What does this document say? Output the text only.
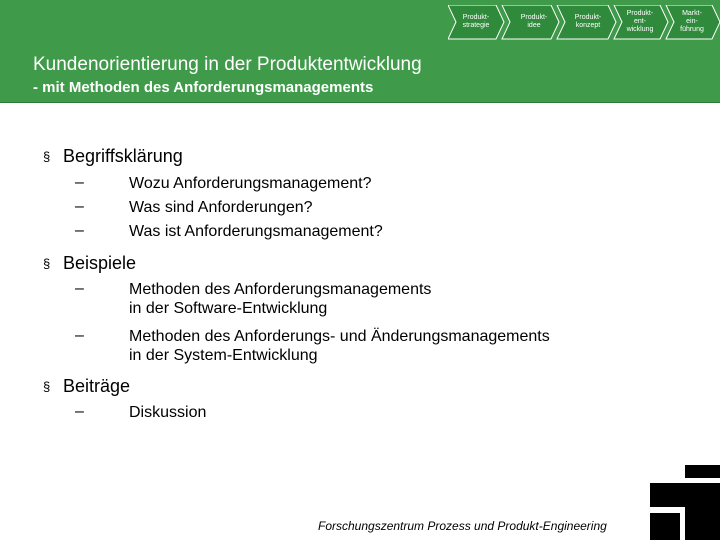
Produkt-
strategie
Produkt-
idee
Produkt-
konzept
Produkt-
ent-
wicklung
Markt-
ein-
führung
Kundenorientierung in der Produktentwicklung
- mit Methoden des Anforderungsmanagements
§ Begriffsklärung
–	Wozu Anforderungsmanagement?
–	Was sind Anforderungen?
–	Was ist Anforderungsmanagement?
§ Beispiele
–	Methoden des Anforderungsmanagements
in der Software-Entwicklung
–	Methoden des Anforderungs- und Änderungsmanagements
in der System-Entwicklung
§ Beiträge
–	Diskussion
Forschungszentrum Prozess und Produkt-Engineering
